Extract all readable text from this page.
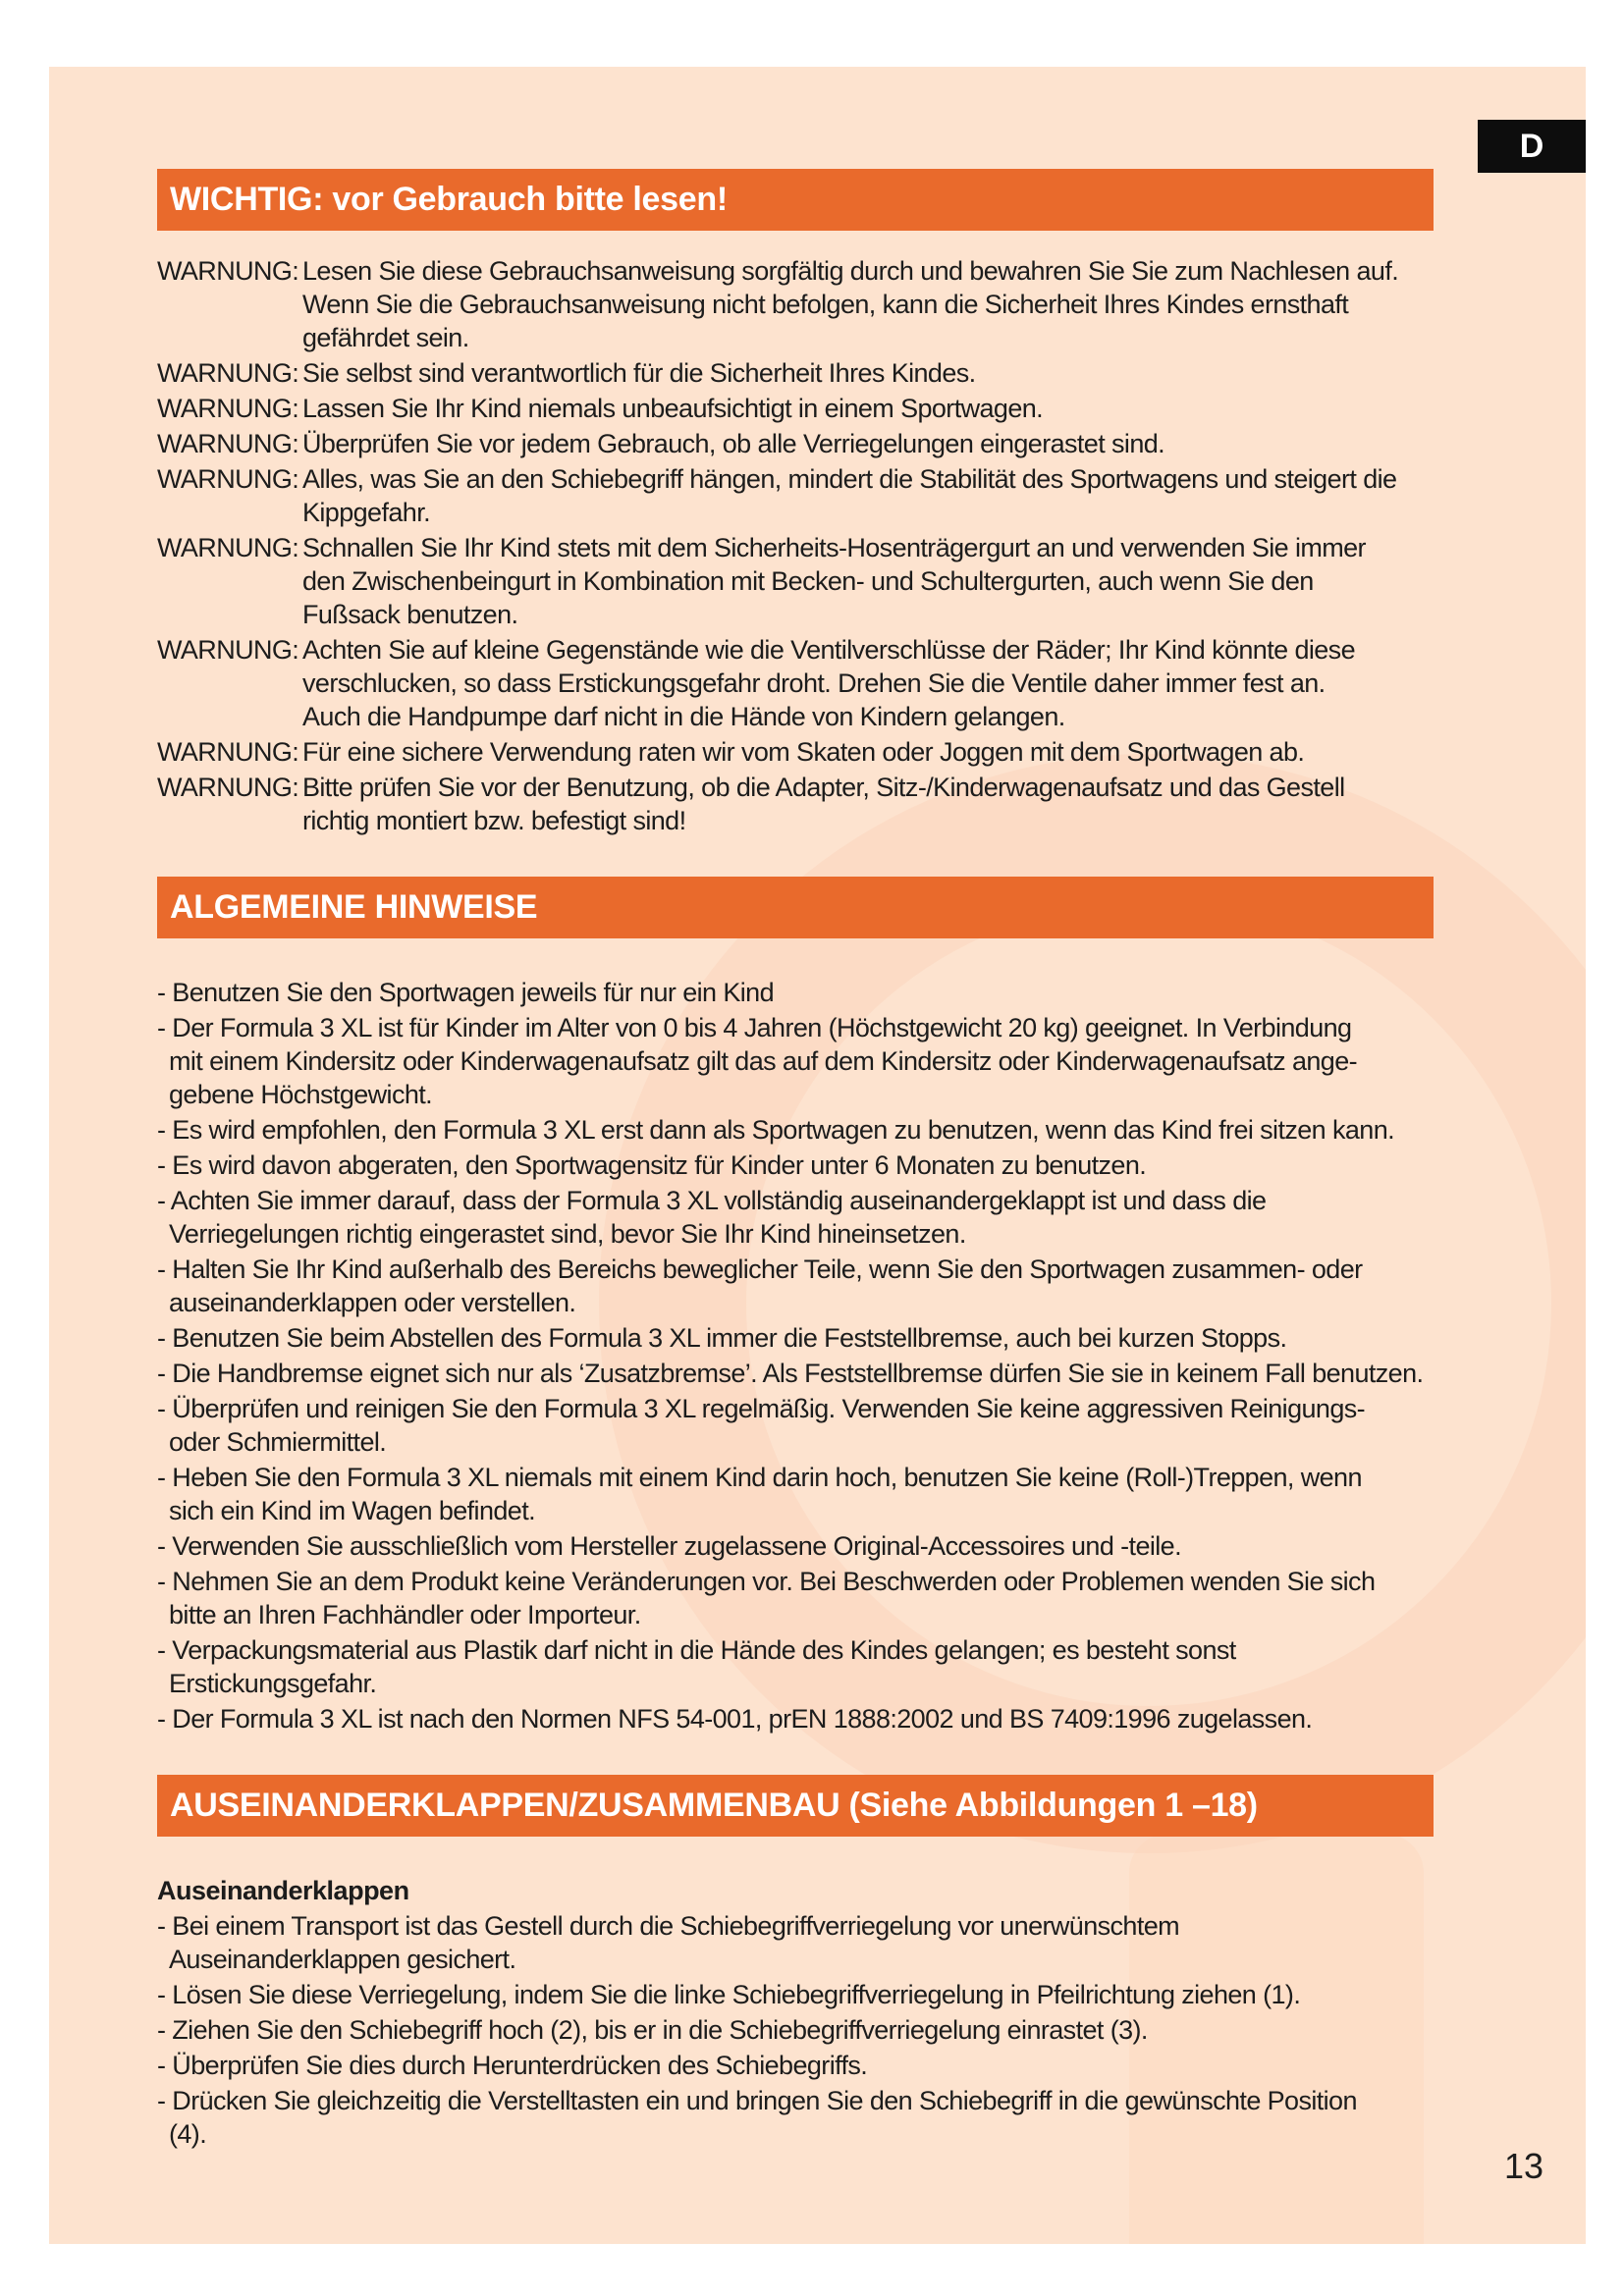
D
WICHTIG: vor Gebrauch bitte lesen!
WARNUNG: Lesen Sie diese Gebrauchsanweisung sorgfältig durch und bewahren Sie Sie zum Nachlesen auf.
Wenn Sie die Gebrauchsanweisung nicht befolgen, kann die Sicherheit Ihres Kindes ernsthaft
gefährdet sein.
WARNUNG: Sie selbst sind verantwortlich für die Sicherheit Ihres Kindes.
WARNUNG: Lassen Sie Ihr Kind niemals unbeaufsichtigt in einem Sportwagen.
WARNUNG: Überprüfen Sie vor jedem Gebrauch, ob alle Verriegelungen eingerastet sind.
WARNUNG: Alles, was Sie an den Schiebegriff hängen, mindert die Stabilität des Sportwagens und steigert die
Kippgefahr.
WARNUNG: Schnallen Sie Ihr Kind stets mit dem Sicherheits-Hosenträgergurt an und verwenden Sie immer
den Zwischenbeingurt in Kombination mit Becken- und Schultergurten, auch wenn Sie den
Fußsack benutzen.
WARNUNG: Achten Sie auf kleine Gegenstände wie die Ventilverschlüsse der Räder; Ihr Kind könnte diese
verschlucken, so dass Erstickungsgefahr droht. Drehen Sie die Ventile daher immer fest an.
Auch die Handpumpe darf nicht in die Hände von Kindern gelangen.
WARNUNG: Für eine sichere Verwendung raten wir vom Skaten oder Joggen mit dem Sportwagen ab.
WARNUNG: Bitte prüfen Sie vor der Benutzung, ob die Adapter, Sitz-/Kinderwagenaufsatz und das Gestell
richtig montiert bzw. befestigt sind!
ALGEMEINE HINWEISE
- Benutzen Sie den Sportwagen jeweils für nur ein Kind
- Der Formula 3 XL ist für Kinder im Alter von 0 bis 4 Jahren (Höchstgewicht 20 kg) geeignet. In Verbindung
mit einem Kindersitz oder Kinderwagenaufsatz gilt das auf dem Kindersitz oder Kinderwagenaufsatz ange-
gebene Höchstgewicht.
- Es wird empfohlen, den Formula 3 XL erst dann als Sportwagen zu benutzen, wenn das Kind frei sitzen kann.
- Es wird davon abgeraten, den Sportwagensitz für Kinder unter 6 Monaten zu benutzen.
- Achten Sie immer darauf, dass der Formula 3 XL vollständig auseinandergeklappt ist und dass die
Verriegelungen richtig eingerastet sind, bevor Sie Ihr Kind hineinsetzen.
- Halten Sie Ihr Kind außerhalb des Bereichs beweglicher Teile, wenn Sie den Sportwagen zusammen- oder
auseinanderklappen oder verstellen.
- Benutzen Sie beim Abstellen des Formula 3 XL immer die Feststellbremse, auch bei kurzen Stopps.
- Die Handbremse eignet sich nur als ‘Zusatzbremse’. Als Feststellbremse dürfen Sie sie in keinem Fall benutzen.
- Überprüfen und reinigen Sie den Formula 3 XL regelmäßig. Verwenden Sie keine aggressiven Reinigungs-
oder Schmiermittel.
- Heben Sie den Formula 3 XL niemals mit einem Kind darin hoch, benutzen Sie keine (Roll-)Treppen, wenn
sich ein Kind im Wagen befindet.
- Verwenden Sie ausschließlich vom Hersteller zugelassene Original-Accessoires und -teile.
- Nehmen Sie an dem Produkt keine Veränderungen vor. Bei Beschwerden oder Problemen wenden Sie sich
bitte an Ihren Fachhändler oder Importeur.
- Verpackungsmaterial aus Plastik darf nicht in die Hände des Kindes gelangen; es besteht sonst
Erstickungsgefahr.
- Der Formula 3 XL ist nach den Normen NFS 54-001, prEN 1888:2002 und BS 7409:1996 zugelassen.
AUSEINANDERKLAPPEN/ZUSAMMENBAU (Siehe Abbildungen 1 –18)
Auseinanderklappen
- Bei einem Transport ist das Gestell durch die Schiebegriffverriegelung vor unerwünschtem
Auseinanderklappen gesichert.
- Lösen Sie diese Verriegelung, indem Sie die linke Schiebegriffverriegelung in Pfeilrichtung ziehen (1).
- Ziehen Sie den Schiebegriff hoch (2), bis er in die Schiebegriffverriegelung einrastet (3).
- Überprüfen Sie dies durch Herunterdrücken des Schiebegriffs.
- Drücken Sie gleichzeitig die Verstelltasten ein und bringen Sie den Schiebegriff in die gewünschte Position
(4).
13
